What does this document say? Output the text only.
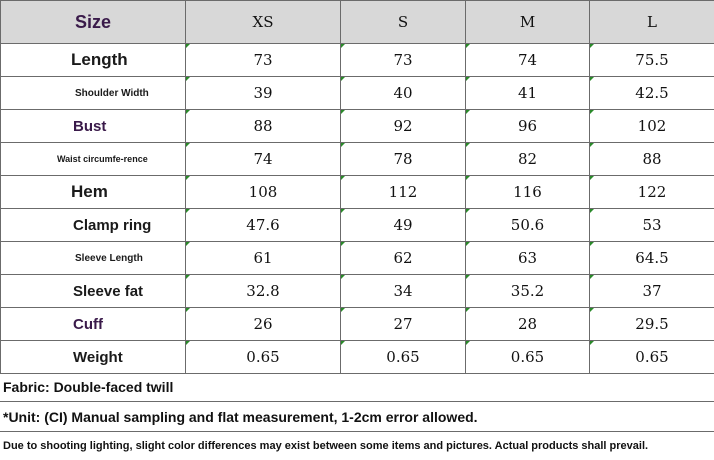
Size	XS	S	M	L
Length	73	73	74	75.5

Shoulder Width	39	40	41	42.5

Bust	88	92	96	102

Waist circumfe-rence	74	78	82	88

Hem	108	112	116	122

Clamp ring	47.6	49	50.6	53

Sleeve Length	61	62	63	64.5

Sleeve fat	32.8	34	35.2	37

Cuff	26	27	28	29.5

Weight	0.65	0.65	0.65	0.65
Fabric: Double-faced twill
*Unit: (CI) Manual sampling and flat measurement, 1-2cm error allowed.
Due to shooting lighting, slight color differences may exist between some items and pictures. Actual products shall prevail.
